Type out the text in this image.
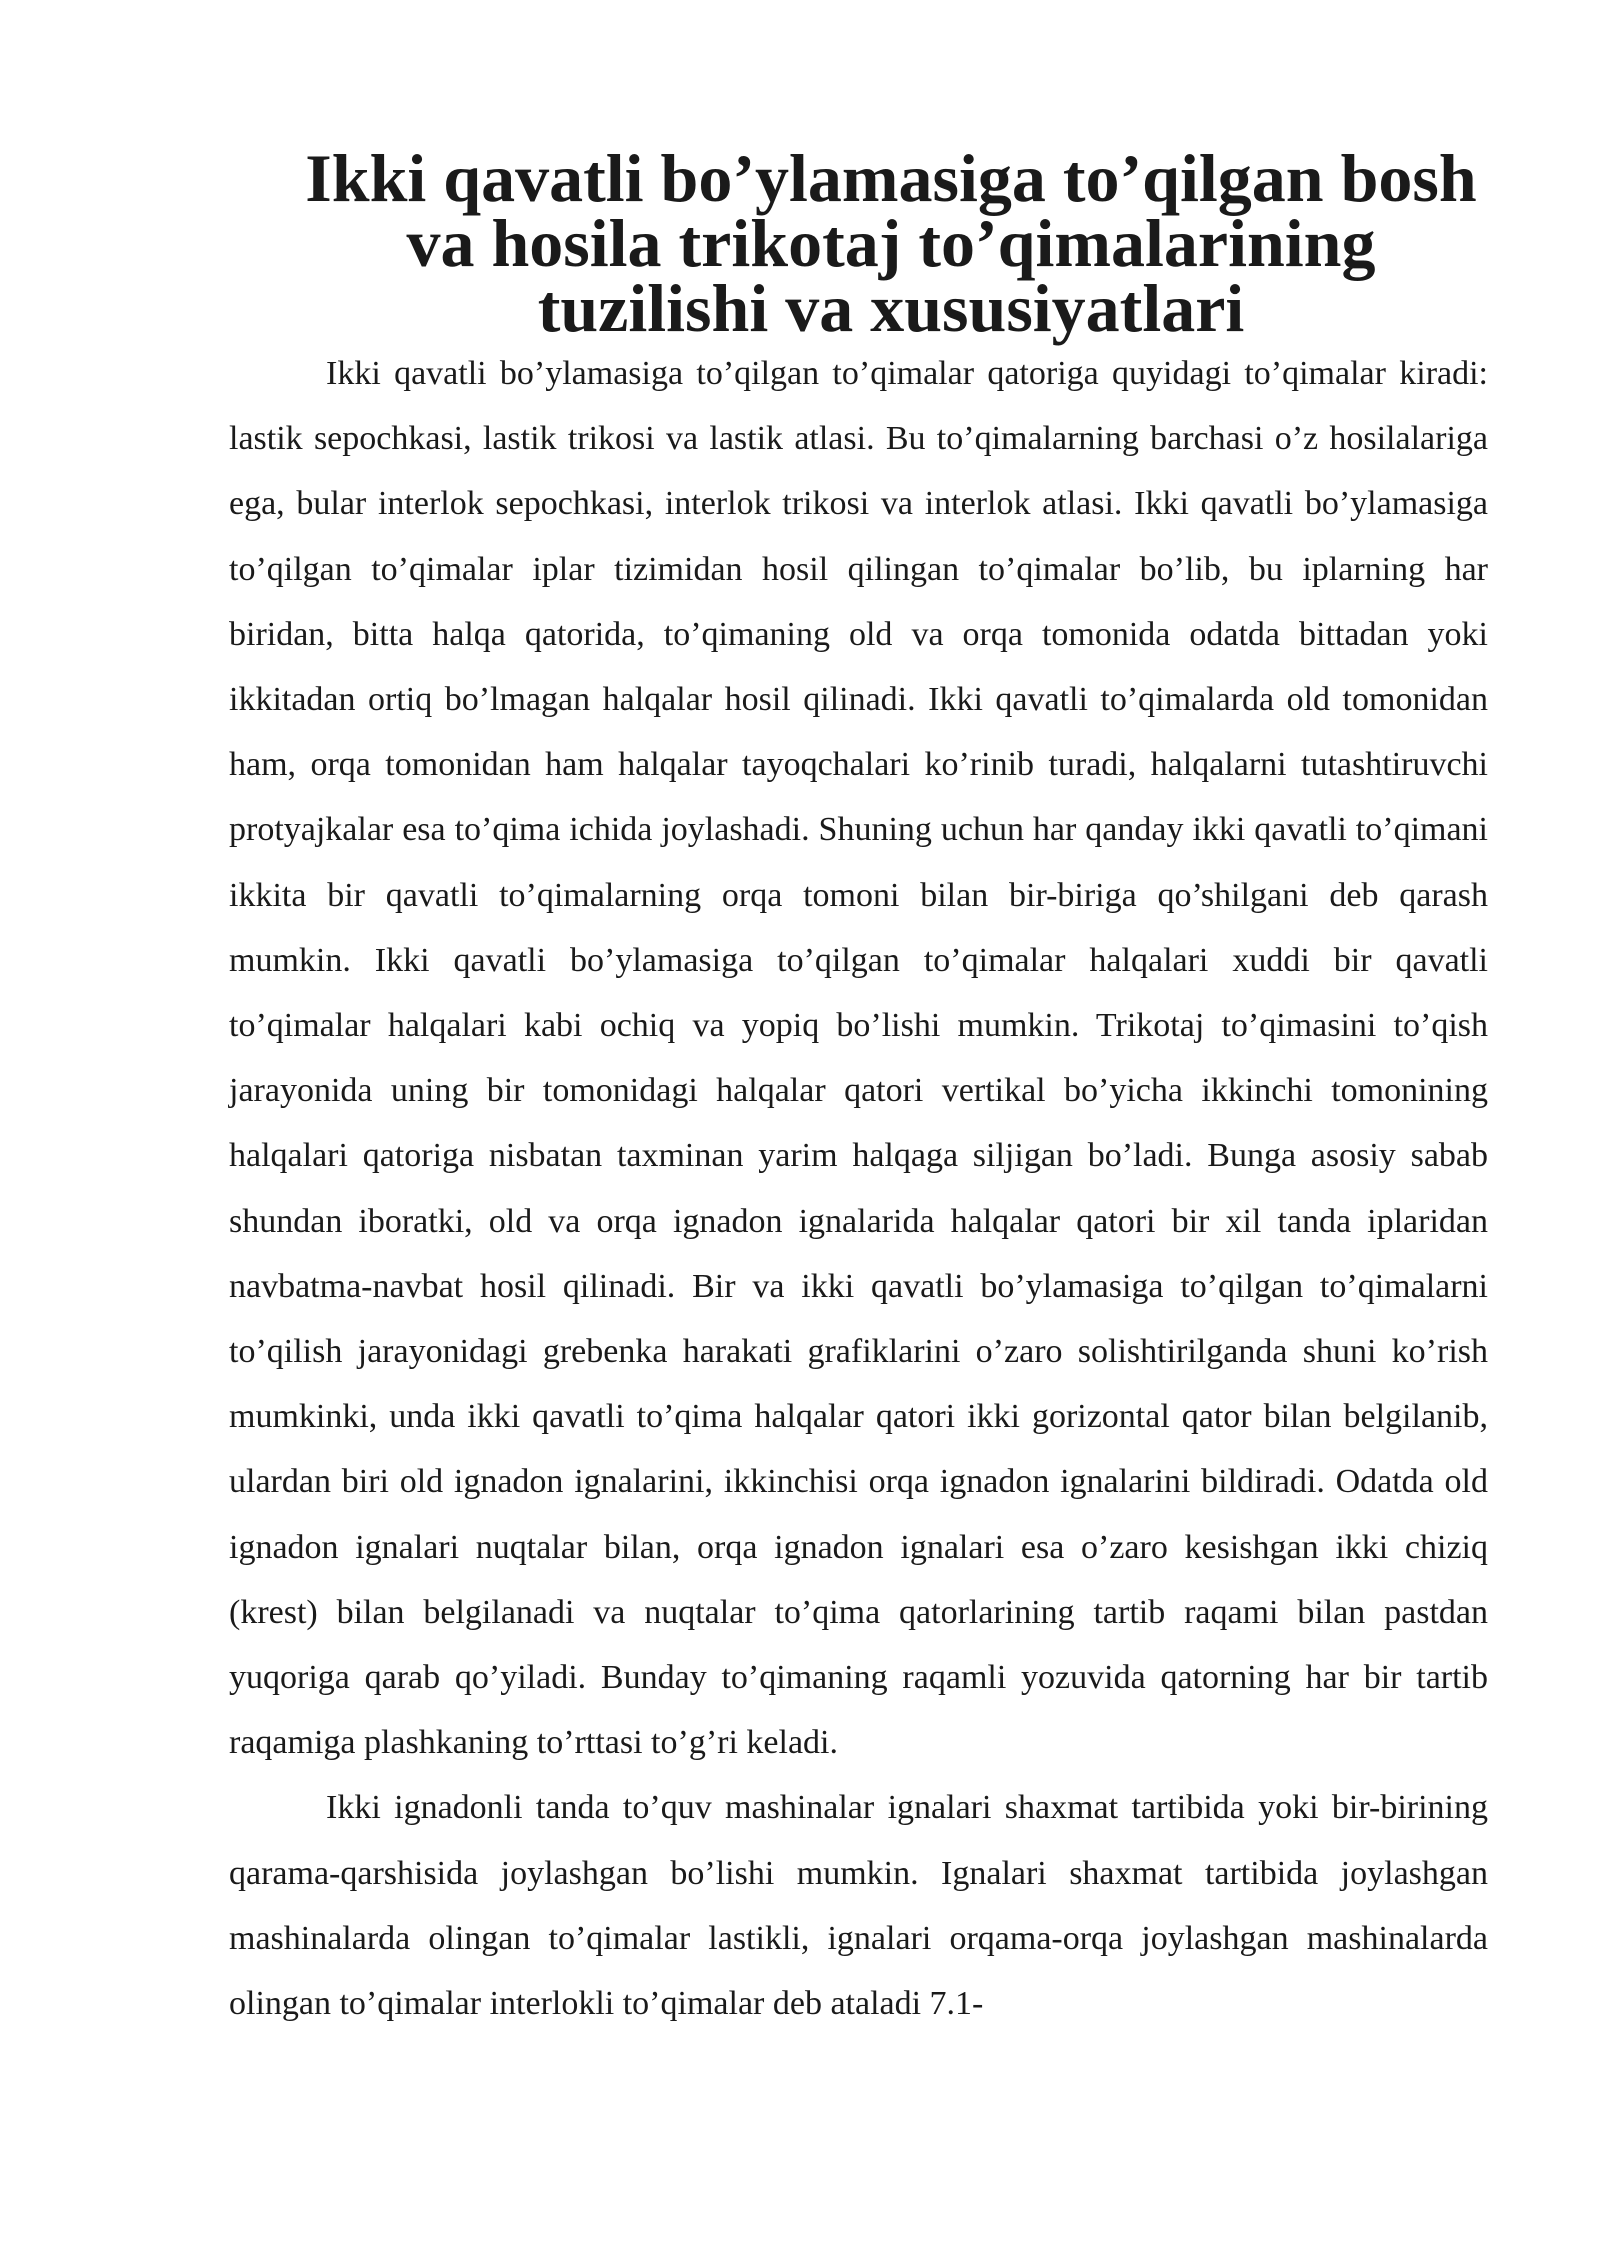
Ikki qavatli bo’ylamasiga to’qilgan bosh va hosila trikotaj to’qimalarining
tuzilishi va xususiyatlari

Ikki qavatli bo’ylamasiga to’qilgan to’qimalar qatoriga quyidagi to’qimalar kiradi: lastik sepochkasi, lastik trikosi va lastik atlasi. Bu to’qimalarning barchasi o’z hosilalariga ega, bular interlok sepochkasi, interlok trikosi va interlok atlasi. Ikki qavatli bo’ylamasiga to’qilgan to’qimalar iplar tizimidan hosil qilingan to’qimalar bo’lib, bu iplarning har biridan, bitta halqa qatorida, to’qimaning old va orqa tomonida odatda bittadan yoki ikkitadan ortiq bo’lmagan halqalar hosil qilinadi. Ikki qavatli to’qimalarda old tomonidan ham, orqa tomonidan ham halqalar tayoqchalari ko’rinib turadi, halqalarni tutashtiruvchi protyajkalar esa to’qima ichida joylashadi. Shuning uchun har qanday ikki qavatli to’qimani ikkita bir qavatli to’qimalarning orqa tomoni bilan bir-biriga qo’shilgani deb qarash mumkin. Ikki qavatli bo’ylamasiga to’qilgan to’qimalar halqalari xuddi bir qavatli to’qimalar halqalari kabi ochiq va yopiq bo’lishi mumkin. Trikotaj to’qimasini to’qish jarayonida uning bir tomonidagi halqalar qatori vertikal bo’yicha ikkinchi tomonining halqalari qatoriga nisbatan taxminan yarim halqaga siljigan bo’ladi. Bunga asosiy sabab shundan iboratki, old va orqa ignadon ignalarida halqalar qatori bir xil tanda iplaridan navbatma-navbat hosil qilinadi. Bir va ikki qavatli bo’ylamasiga to’qilgan to’qimalarni to’qilish jarayonidagi grebenka harakati grafiklarini o’zaro solishtirilganda shuni ko’rish mumkinki, unda ikki qavatli to’qima halqalar qatori ikki gorizontal qator bilan belgilanib, ulardan biri old ignadon ignalarini, ikkinchisi orqa ignadon ignalarini bildiradi. Odatda old ignadon ignalari nuqtalar bilan, orqa ignadon ignalari esa o’zaro kesishgan ikki chiziq (krest) bilan belgilanadi va nuqtalar to’qima qatorlarining tartib raqami bilan pastdan yuqoriga qarab qo’yiladi. Bunday to’qimaning raqamli yozuvida qatorning har bir tartib raqamiga plashkaning to’rttasi to’g’ri keladi.

Ikki ignadonli tanda to’quv mashinalar ignalari shaxmat tartibida yoki bir-birining qarama-qarshisida joylashgan bo’lishi mumkin. Ignalari shaxmat tartibida joylashgan mashinalarda olingan to’qimalar lastikli, ignalari orqama-orqa joylashgan mashinalarda olingan to’qimalar interlokli to’qimalar deb ataladi 7.1-
